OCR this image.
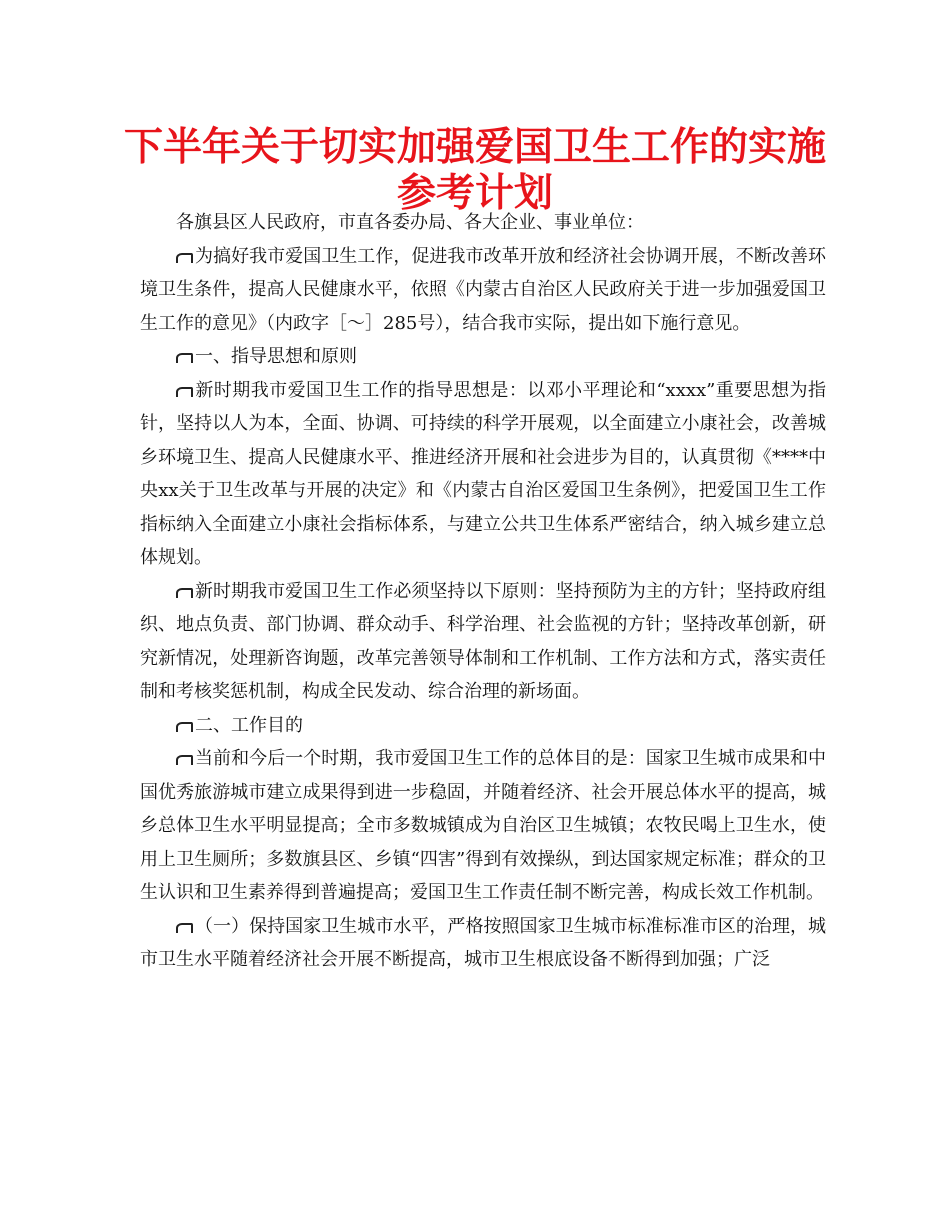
下半年关于切实加强爱国卫生工作的实施
参考计划

各旗县区人民政府，市直各委办局、各大企业、事业单位：

为搞好我市爱国卫生工作，促进我市改革开放和经济社会协调开展，不断改善环境卫生条件，提高人民健康水平，依照《内蒙古自治区人民政府关于进一步加强爱国卫生工作的意见》（内政字［～］285号），结合我市实际，提出如下施行意见。

一、指导思想和原则

新时期我市爱国卫生工作的指导思想是：以邓小平理论和“xxxx”重要思想为指针，坚持以人为本，全面、协调、可持续的科学开展观，以全面建立小康社会，改善城乡环境卫生、提高人民健康水平、推进经济开展和社会进步为目的，认真贯彻《****中央xx关于卫生改革与开展的决定》和《内蒙古自治区爱国卫生条例》，把爱国卫生工作指标纳入全面建立小康社会指标体系，与建立公共卫生体系严密结合，纳入城乡建立总体规划。

新时期我市爱国卫生工作必须坚持以下原则：坚持预防为主的方针；坚持政府组织、地点负责、部门协调、群众动手、科学治理、社会监视的方针；坚持改革创新，研究新情况，处理新咨询题，改革完善领导体制和工作机制、工作方法和方式，落实责任制和考核奖惩机制，构成全民发动、综合治理的新场面。

二、工作目的

当前和今后一个时期，我市爱国卫生工作的总体目的是：国家卫生城市成果和中国优秀旅游城市建立成果得到进一步稳固，并随着经济、社会开展总体水平的提高，城乡总体卫生水平明显提高；全市多数城镇成为自治区卫生城镇；农牧民喝上卫生水，使用上卫生厕所；多数旗县区、乡镇“四害”得到有效操纵，到达国家规定标准；群众的卫生认识和卫生素养得到普遍提高；爱国卫生工作责任制不断完善，构成长效工作机制。

（一）保持国家卫生城市水平，严格按照国家卫生城市标准标准市区的治理，城市卫生水平随着经济社会开展不断提高，城市卫生根底设备不断得到加强；广泛
